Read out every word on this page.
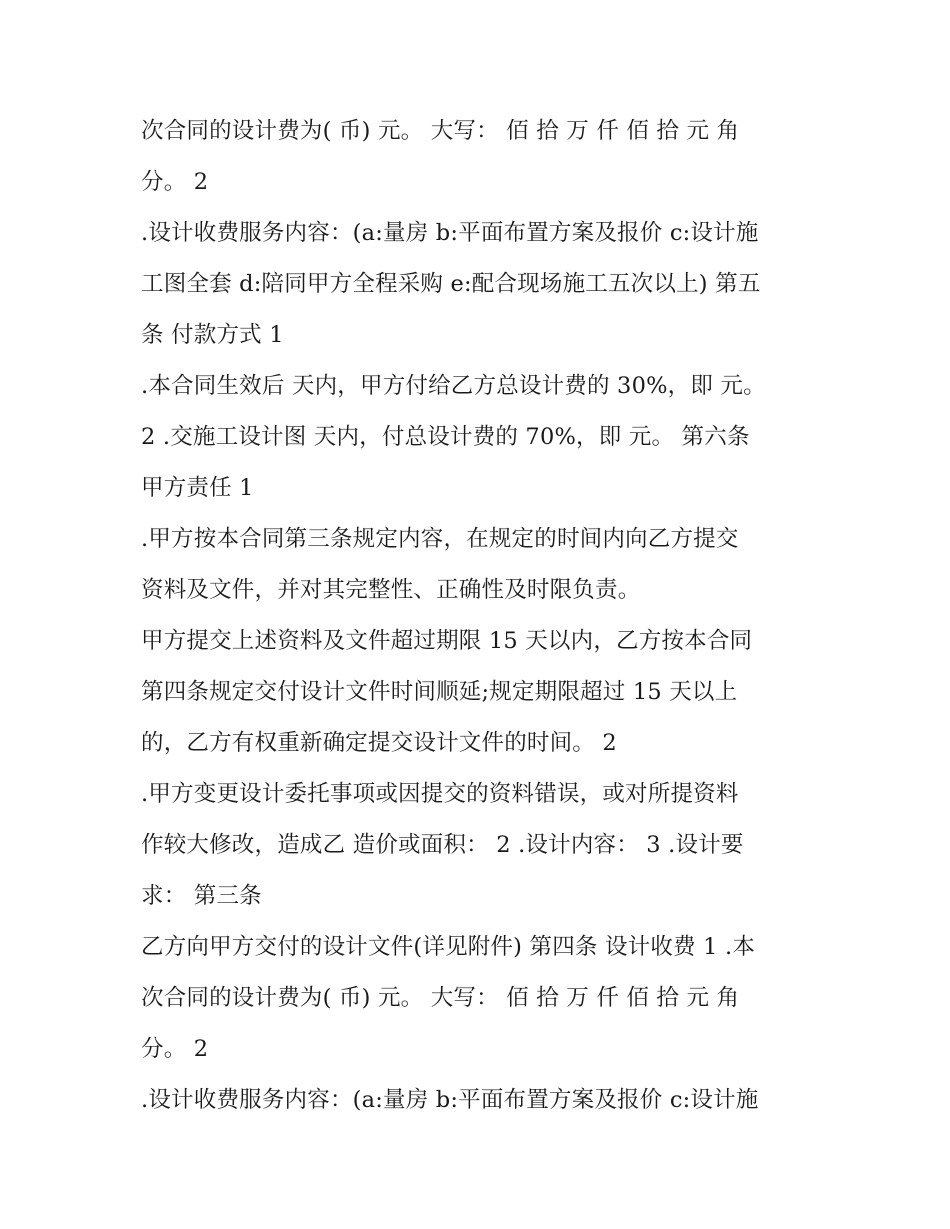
次合同的设计费为( 币) 元。 大写： 佰 拾 万 仟 佰 拾 元 角
分。 2
.设计收费服务内容：(a:量房 b:平面布置方案及报价 c:设计施
工图全套 d:陪同甲方全程采购 e:配合现场施工五次以上) 第五
条 付款方式 1
.本合同生效后 天内，甲方付给乙方总设计费的 30%，即 元。
2 .交施工设计图 天内，付总设计费的 70%，即 元。 第六条
甲方责任 1
.甲方按本合同第三条规定内容，在规定的时间内向乙方提交
资料及文件，并对其完整性、正确性及时限负责。
甲方提交上述资料及文件超过期限 15 天以内，乙方按本合同
第四条规定交付设计文件时间顺延;规定期限超过 15 天以上
的，乙方有权重新确定提交设计文件的时间。 2
.甲方变更设计委托事项或因提交的资料错误，或对所提资料
作较大修改，造成乙 造价或面积： 2 .设计内容： 3 .设计要
求： 第三条
乙方向甲方交付的设计文件(详见附件) 第四条 设计收费 1 .本
次合同的设计费为( 币) 元。 大写： 佰 拾 万 仟 佰 拾 元 角
分。 2
.设计收费服务内容：(a:量房 b:平面布置方案及报价 c:设计施
